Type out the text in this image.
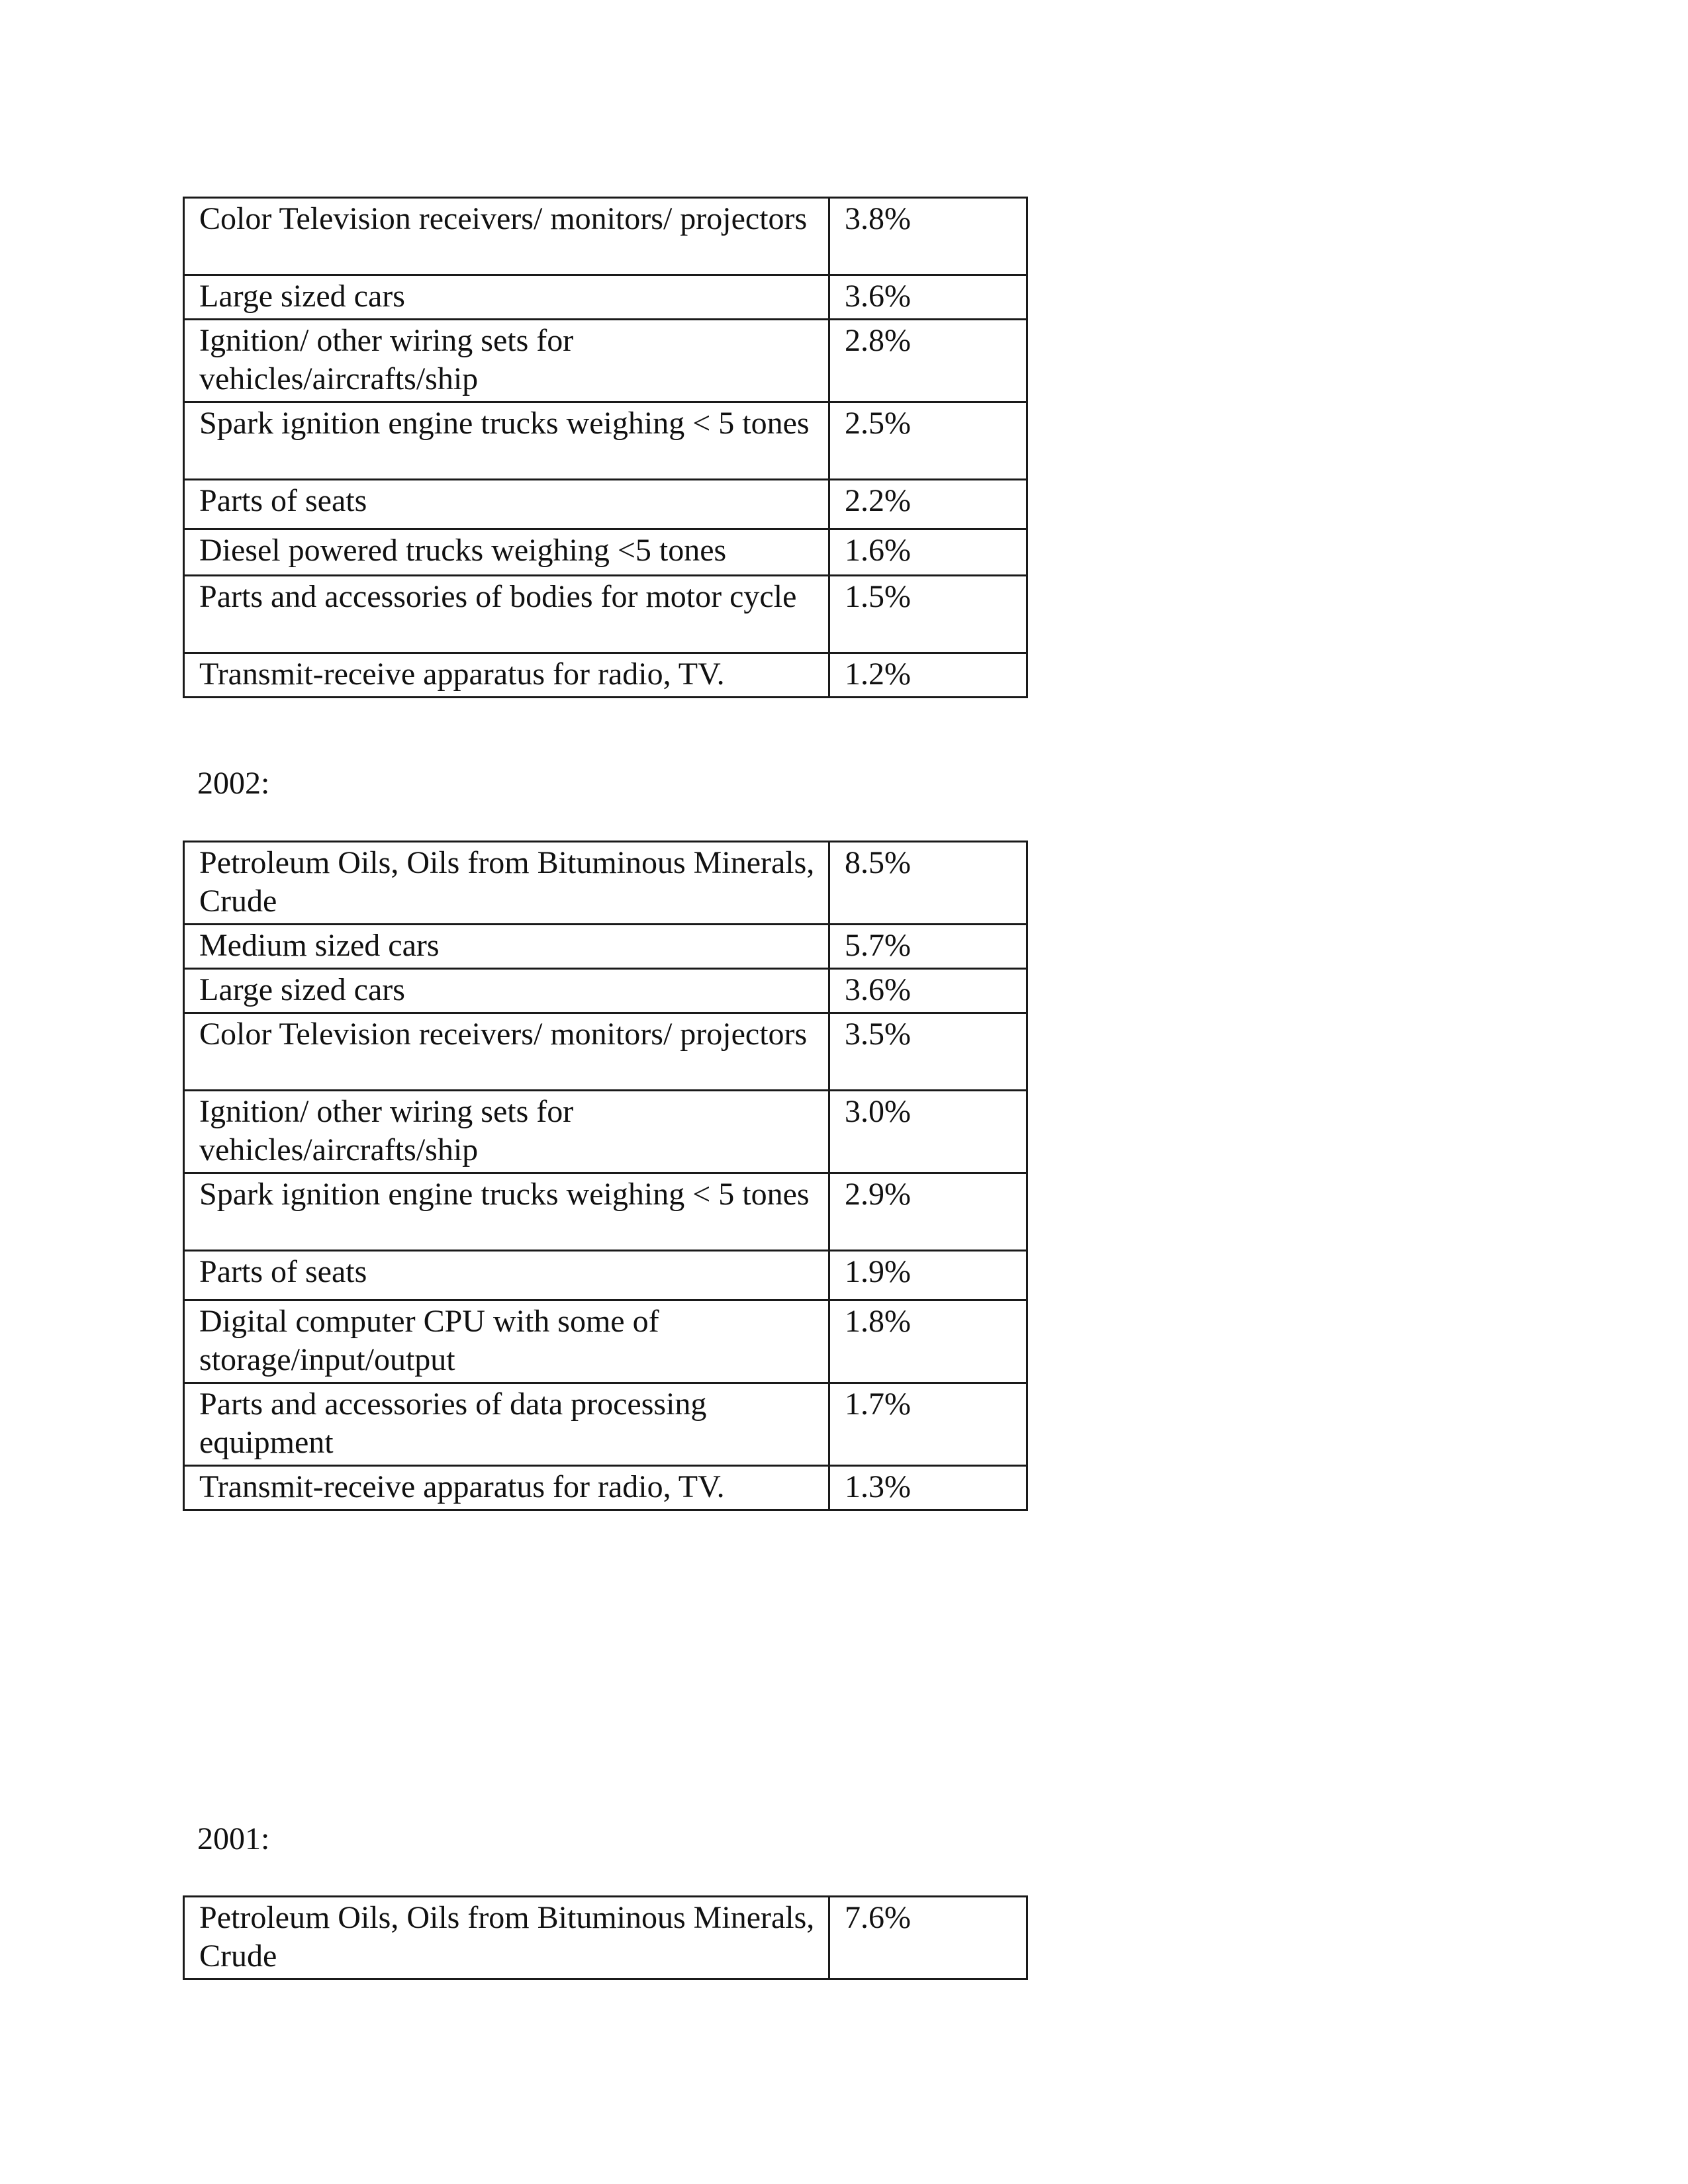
Color Television receivers/ monitors/ projectors	3.8%
Large sized cars	3.6%
Ignition/ other wiring sets for vehicles/aircrafts/ship	2.8%
Spark ignition engine trucks weighing < 5 tones	2.5%
Parts of seats	2.2%
Diesel powered trucks weighing <5 tones	1.6%
Parts and accessories of bodies for motor cycle	1.5%
Transmit-receive apparatus for radio, TV.	1.2%

2002:

Petroleum Oils, Oils from Bituminous Minerals, Crude	8.5%
Medium sized cars	5.7%
Large sized cars	3.6%
Color Television receivers/ monitors/ projectors	3.5%
Ignition/ other wiring sets for vehicles/aircrafts/ship	3.0%
Spark ignition engine trucks weighing < 5 tones	2.9%
Parts of seats	1.9%
Digital computer CPU with some of storage/input/output	1.8%
Parts and accessories of data processing equipment	1.7%
Transmit-receive apparatus for radio, TV.	1.3%

2001:

Petroleum Oils, Oils from Bituminous Minerals, Crude	7.6%
